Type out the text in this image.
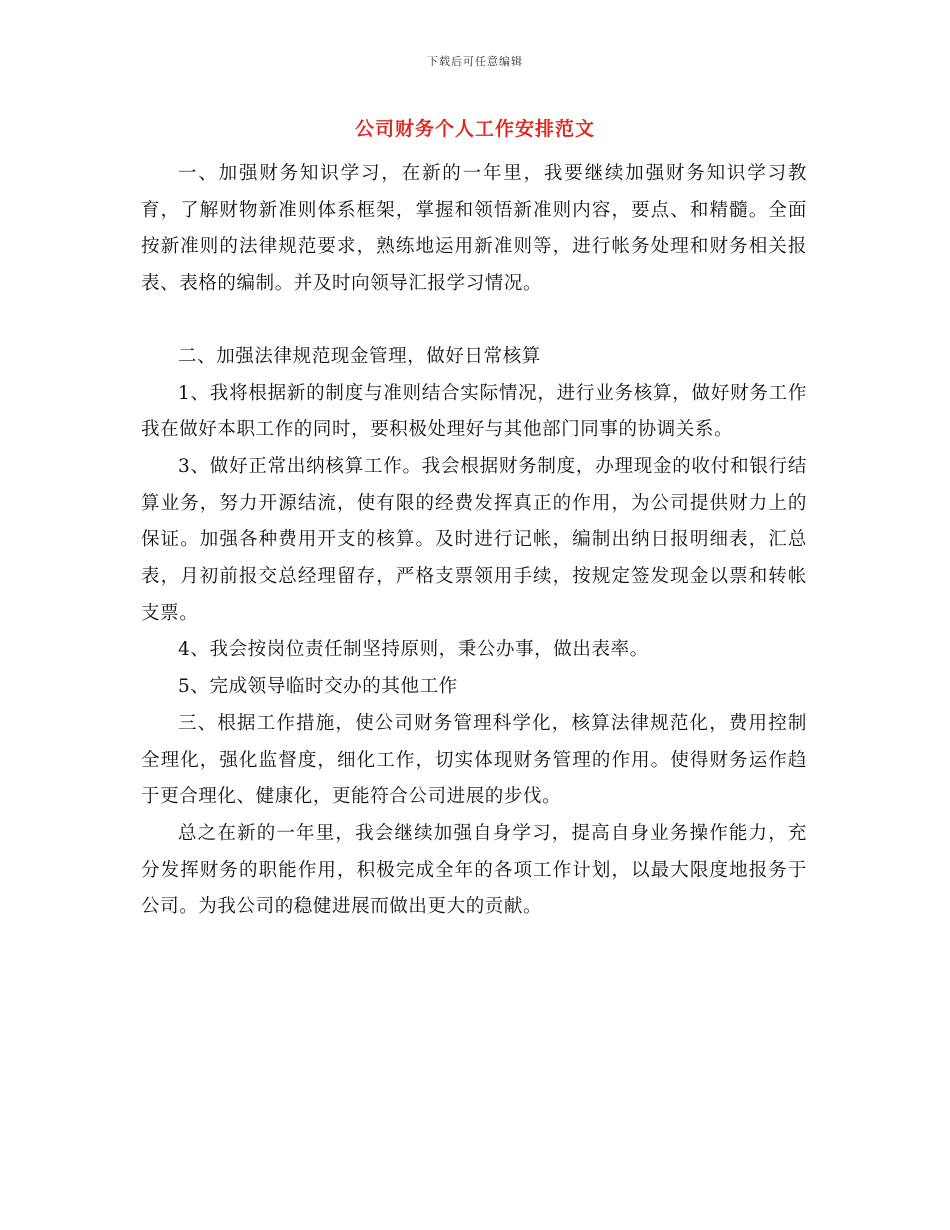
下载后可任意编辑
公司财务个人工作安排范文

一、加强财务知识学习，在新的一年里，我要继续加强财务知识学习教育，了解财物新准则体系框架，掌握和领悟新准则内容，要点、和精髓。全面按新准则的法律规范要求，熟练地运用新准则等，进行帐务处理和财务相关报表、表格的编制。并及时向领导汇报学习情况。

二、加强法律规范现金管理，做好日常核算

1、我将根据新的制度与准则结合实际情况，进行业务核算，做好财务工作我在做好本职工作的同时，要积极处理好与其他部门同事的协调关系。

3、做好正常出纳核算工作。我会根据财务制度，办理现金的收付和银行结算业务，努力开源结流，使有限的经费发挥真正的作用，为公司提供财力上的保证。加强各种费用开支的核算。及时进行记帐，编制出纳日报明细表，汇总表，月初前报交总经理留存，严格支票领用手续，按规定签发现金以票和转帐支票。

4、我会按岗位责任制坚持原则，秉公办事，做出表率。

5、完成领导临时交办的其他工作

三、根据工作措施，使公司财务管理科学化，核算法律规范化，费用控制全理化，强化监督度，细化工作，切实体现财务管理的作用。使得财务运作趋于更合理化、健康化，更能符合公司进展的步伐。

总之在新的一年里，我会继续加强自身学习，提高自身业务操作能力，充分发挥财务的职能作用，积极完成全年的各项工作计划，以最大限度地报务于公司。为我公司的稳健进展而做出更大的贡献。
